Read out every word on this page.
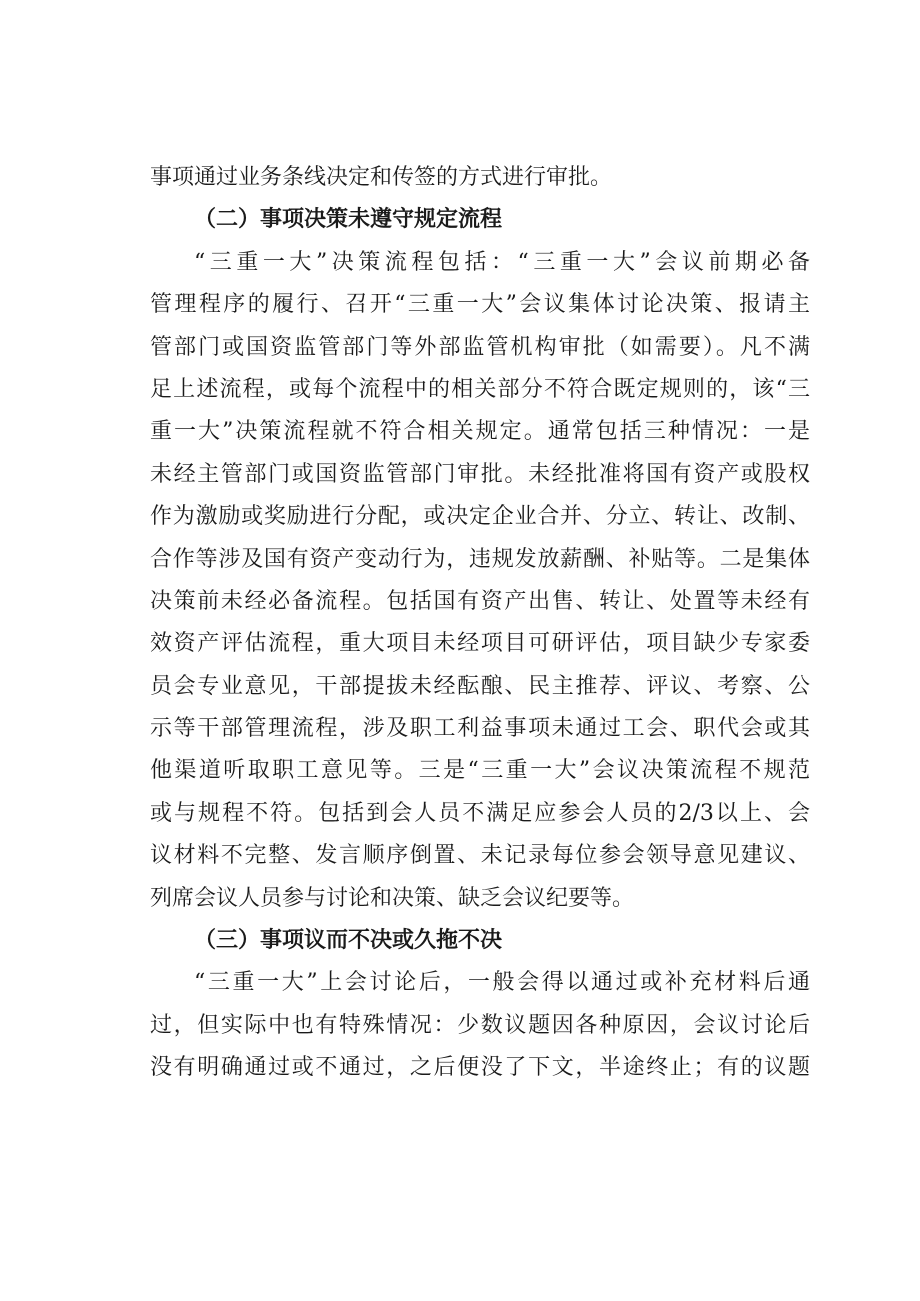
事项通过业务条线决定和传签的方式进行审批。
（二）事项决策未遵守规定流程
“三重一大”决策流程包括：“三重一大”会议前期必备
管理程序的履行、召开“三重一大”会议集体讨论决策、报请主
管部门或国资监管部门等外部监管机构审批（如需要）。凡不满
足上述流程，或每个流程中的相关部分不符合既定规则的，该“三
重一大”决策流程就不符合相关规定。通常包括三种情况：一是
未经主管部门或国资监管部门审批。未经批准将国有资产或股权
作为激励或奖励进行分配，或决定企业合并、分立、转让、改制、
合作等涉及国有资产变动行为，违规发放薪酬、补贴等。二是集体
决策前未经必备流程。包括国有资产出售、转让、处置等未经有
效资产评估流程，重大项目未经项目可研评估，项目缺少专家委
员会专业意见，干部提拔未经酝酿、民主推荐、评议、考察、公
示等干部管理流程，涉及职工利益事项未通过工会、职代会或其
他渠道听取职工意见等。三是“三重一大”会议决策流程不规范
或与规程不符。包括到会人员不满足应参会人员的2/3以上、会
议材料不完整、发言顺序倒置、未记录每位参会领导意见建议、
列席会议人员参与讨论和决策、缺乏会议纪要等。
（三）事项议而不决或久拖不决
“三重一大”上会讨论后，一般会得以通过或补充材料后通
过，但实际中也有特殊情况：少数议题因各种原因，会议讨论后
没有明确通过或不通过，之后便没了下文，半途终止；有的议题
